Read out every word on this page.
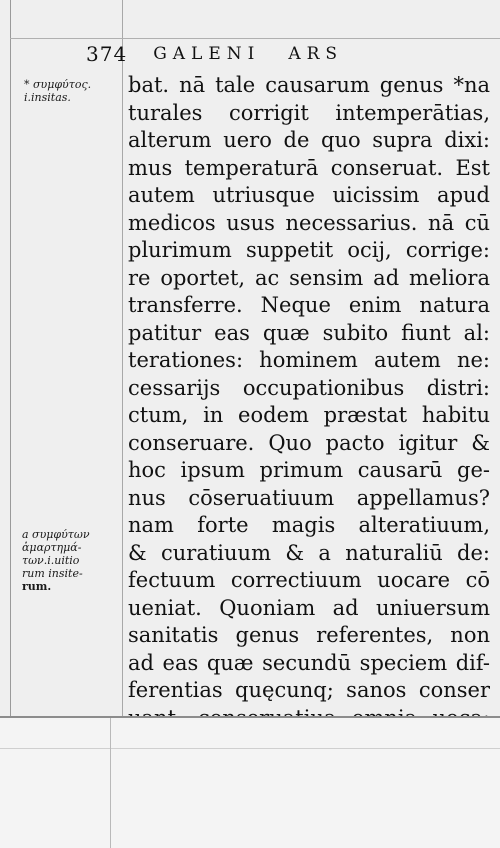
374 GALENI ARS
* συμφύτος.
i.insitas.
a συμφύτων
ἁμαρτημά-
των.i.uitio
rum insite-
rum.
bat. nā tale causarum genus *na
turales corrigit intemperātias,
alterum uero de quo supra dixi:
mus temperaturā conseruat. Est
autem utriusque uicissim apud
medicos usus necessarius. nā cū
plurimum suppetit ocij, corrige:
re oportet, ac sensim ad meliora
transferre. Neque enim natura
patitur eas quæ subito fiunt al:
terationes: hominem autem ne:
cessarijs occupationibus distri:
ctum, in eodem præstat habitu
conseruare. Quo pacto igitur &
hoc ipsum primum causarū ge-
nus cōseruatiuum appellamus?
nam forte magis alteratiuum,
& curatiuum & a naturaliū de:
fectuum correctiuum uocare cō
ueniat. Quoniam ad uniuersum
sanitatis genus referentes, non
ad eas quæ secundū speciem dif-
ferentias quęcunq; sanos conser
